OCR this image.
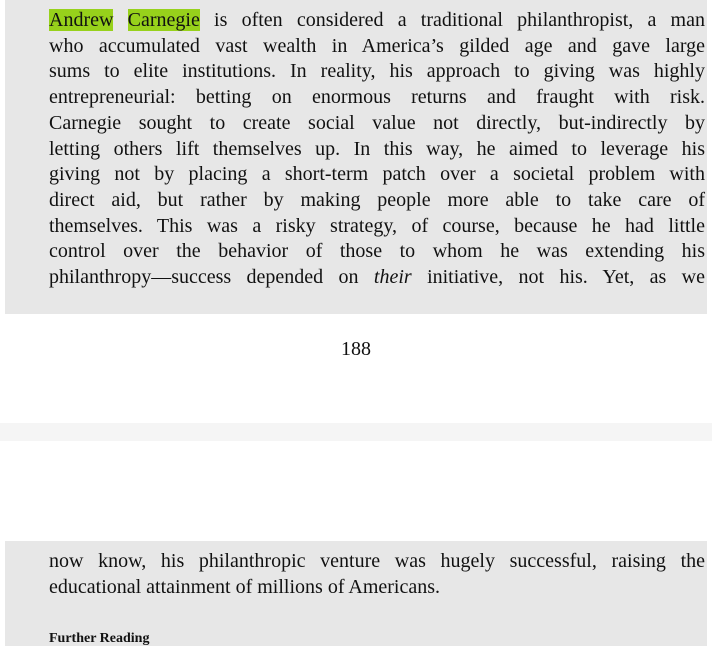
Andrew Carnegie is often considered a traditional philanthropist, a man
who accumulated vast wealth in America’s gilded age and gave large
sums to elite institutions. In reality, his approach to giving was highly
entrepreneurial: betting on enormous returns and fraught with risk.
Carnegie sought to create social value not directly, but-indirectly by
letting others lift themselves up. In this way, he aimed to leverage his
giving not by placing a short-term patch over a societal problem with
direct aid, but rather by making people more able to take care of
themselves. This was a risky strategy, of course, because he had little
control over the behavior of those to whom he was extending his
philanthropy—success depended on their initiative, not his. Yet, as we

188

now know, his philanthropic venture was hugely successful, raising the
educational attainment of millions of Americans.

Further Reading
